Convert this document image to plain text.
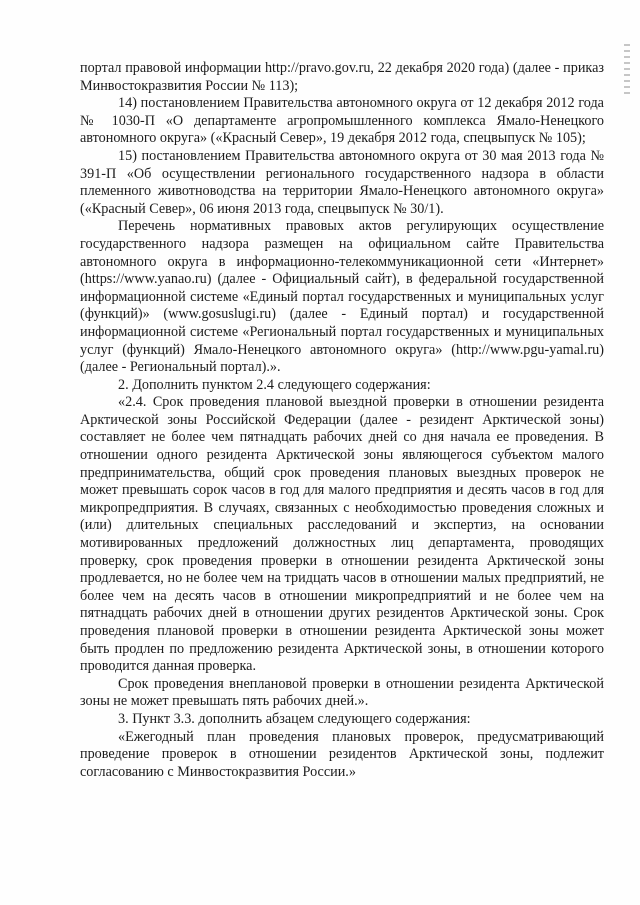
портал правовой информации http://pravo.gov.ru, 22 декабря 2020 года) (далее - приказ Минвостокразвития России № 113);

14) постановлением Правительства автономного округа от 12 декабря 2012 года № 1030-П «О департаменте агропромышленного комплекса Ямало-Ненецкого автономного округа» («Красный Север», 19 декабря 2012 года, спецвыпуск № 105);

15) постановлением Правительства автономного округа от 30 мая 2013 года № 391-П «Об осуществлении регионального государственного надзора в области племенного животноводства на территории Ямало-Ненецкого автономного округа» («Красный Север», 06 июня 2013 года, спецвыпуск № 30/1).

Перечень нормативных правовых актов регулирующих осуществление государственного надзора размещен на официальном сайте Правительства автономного округа в информационно-телекоммуникационной сети «Интернет» (https://www.yanao.ru) (далее - Официальный сайт), в федеральной государственной информационной системе «Единый портал государственных и муниципальных услуг (функций)» (www.gosuslugi.ru) (далее - Единый портал) и государственной информационной системе «Региональный портал государственных и муниципальных услуг (функций) Ямало-Ненецкого автономного округа» (http://www.pgu-yamal.ru) (далее - Региональный портал).».

2. Дополнить пунктом 2.4 следующего содержания:

«2.4. Срок проведения плановой выездной проверки в отношении резидента Арктической зоны Российской Федерации (далее - резидент Арктической зоны) составляет не более чем пятнадцать рабочих дней со дня начала ее проведения. В отношении одного резидента Арктической зоны являющегося субъектом малого предпринимательства, общий срок проведения плановых выездных проверок не может превышать сорок часов в год для малого предприятия и десять часов в год для микропредприятия. В случаях, связанных с необходимостью проведения сложных и (или) длительных специальных расследований и экспертиз, на основании мотивированных предложений должностных лиц департамента, проводящих проверку, срок проведения проверки в отношении резидента Арктической зоны продлевается, но не более чем на тридцать часов в отношении малых предприятий, не более чем на десять часов в отношении микропредприятий и не более чем на пятнадцать рабочих дней в отношении других резидентов Арктической зоны. Срок проведения плановой проверки в отношении резидента Арктической зоны может быть продлен по предложению резидента Арктической зоны, в отношении которого проводится данная проверка.

Срок проведения внеплановой проверки в отношении резидента Арктической зоны не может превышать пять рабочих дней.».

3. Пункт 3.3. дополнить абзацем следующего содержания:

«Ежегодный план проведения плановых проверок, предусматривающий проведение проверок в отношении резидентов Арктической зоны, подлежит согласованию с Минвостокразвития России.»
